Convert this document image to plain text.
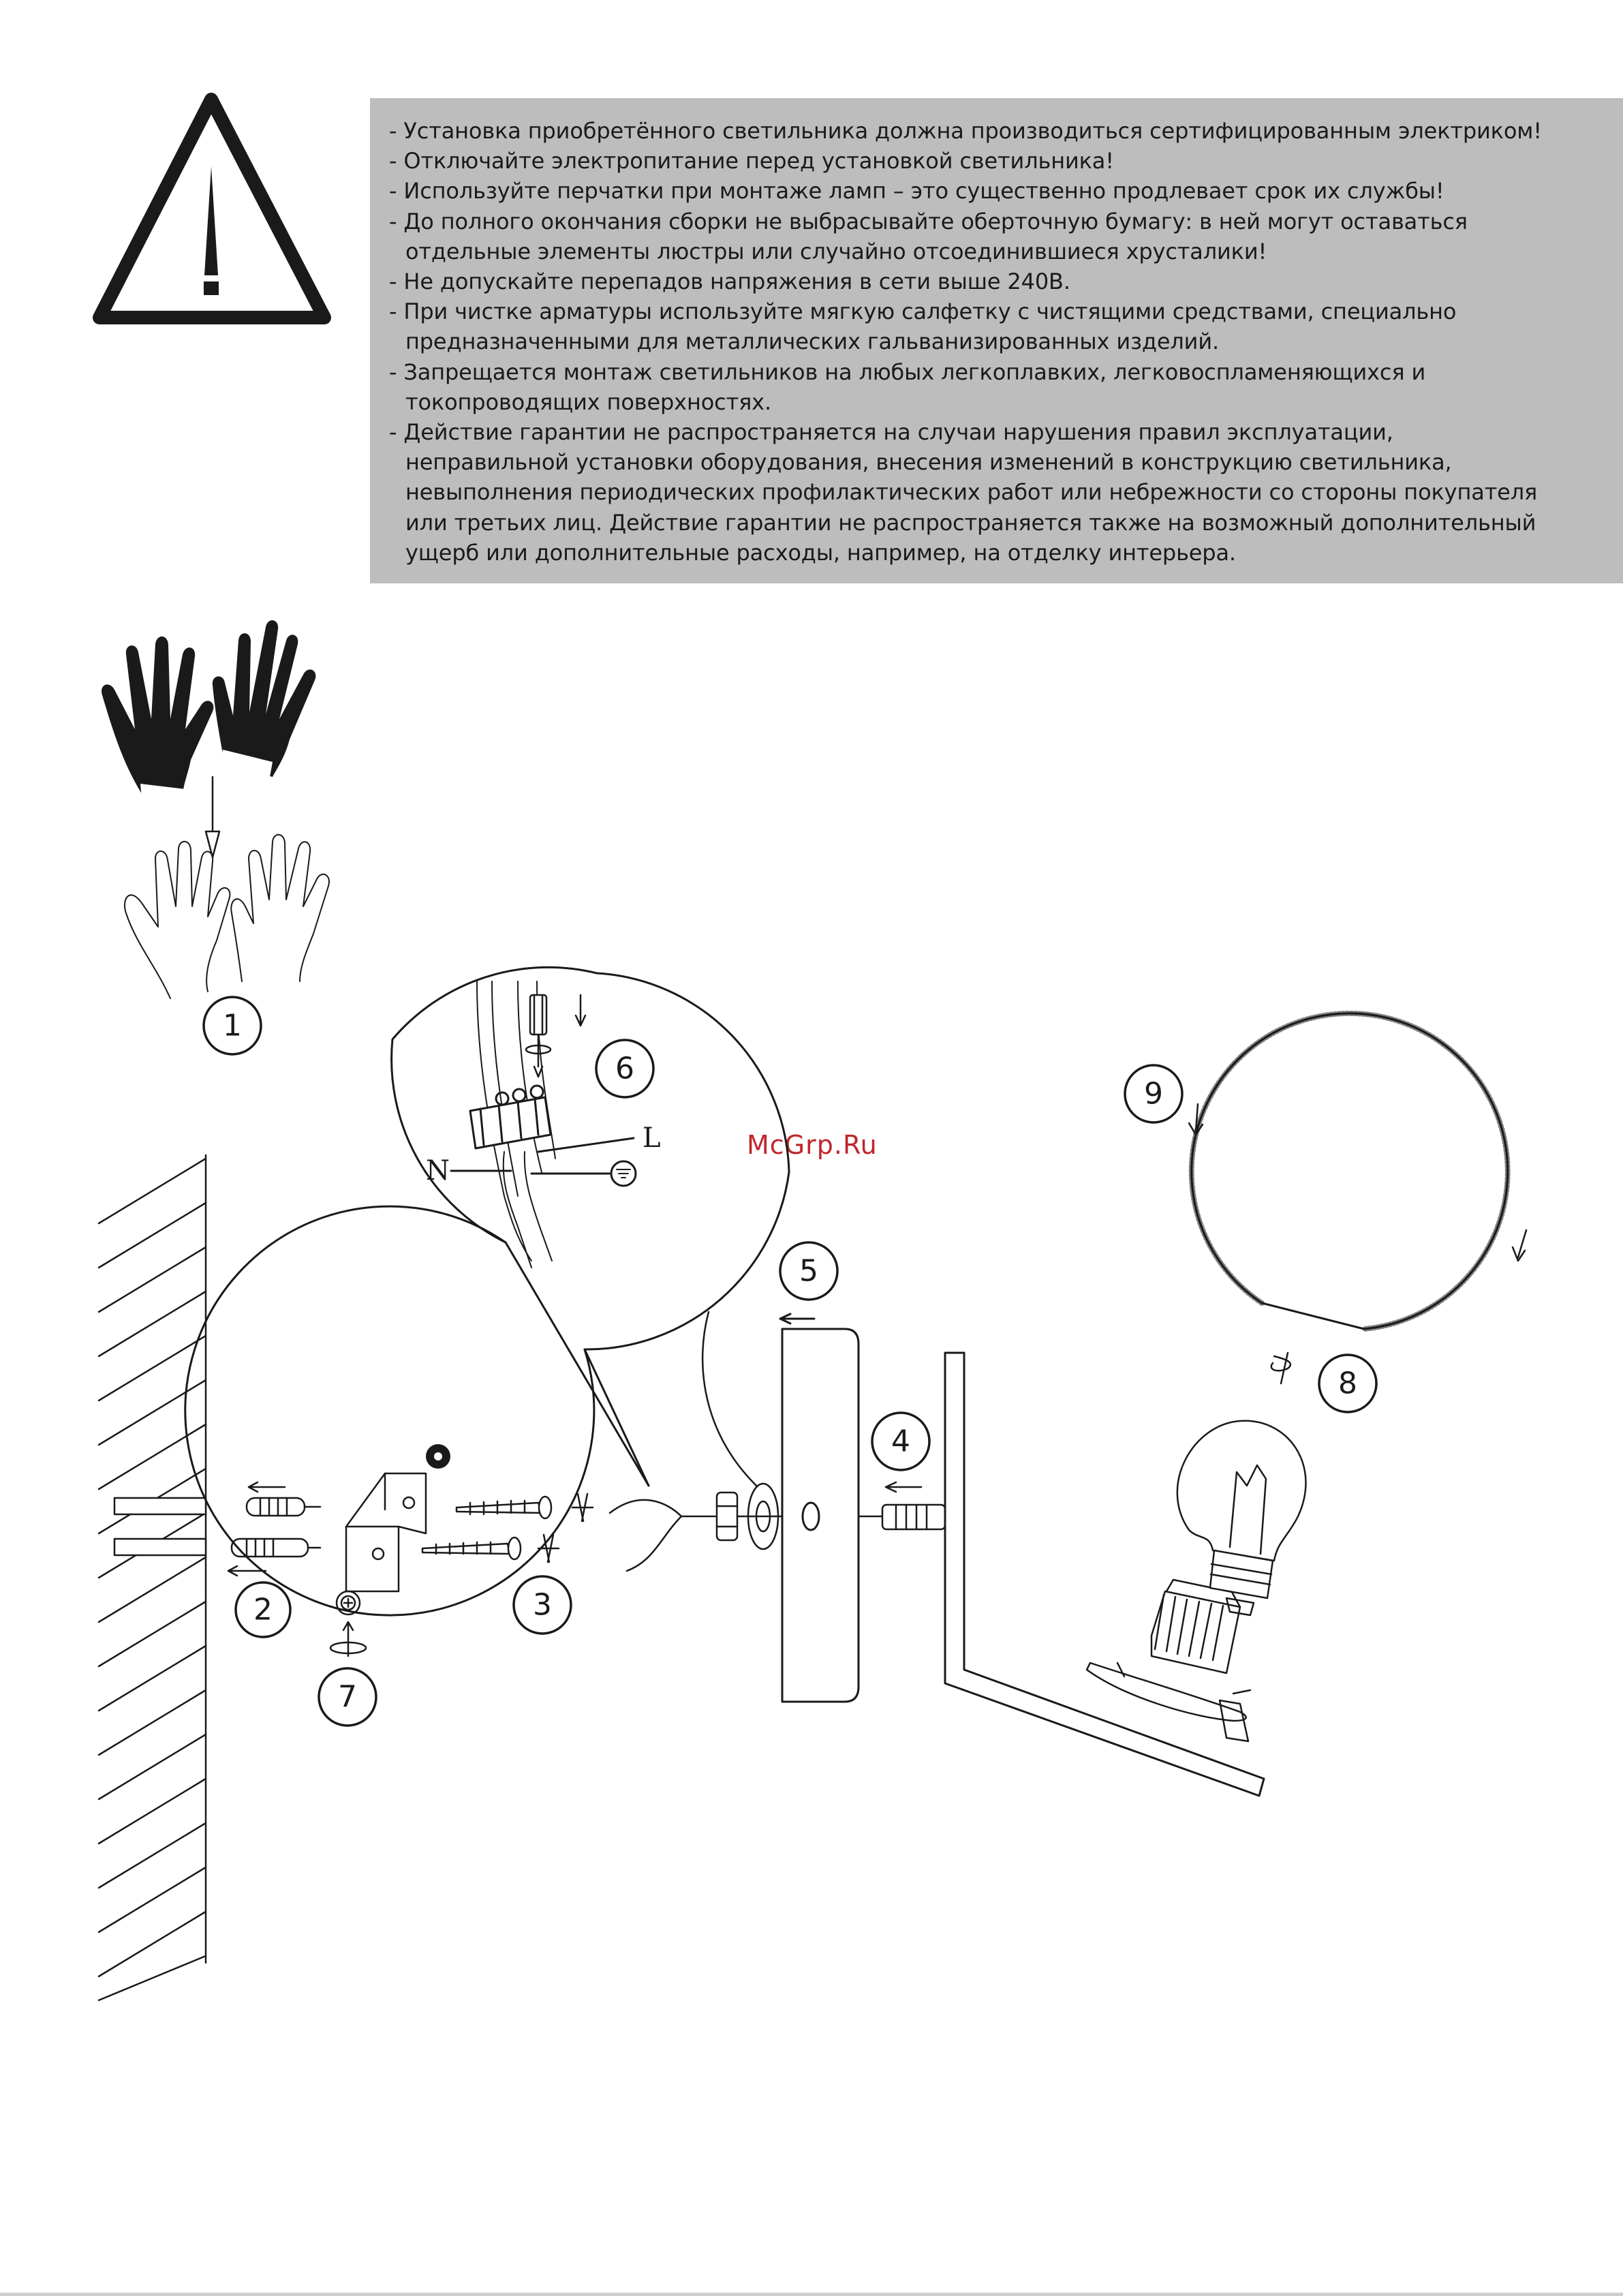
- Установка приобретённого светильника должна производиться сертифицированным электриком!
- Отключайте электропитание перед установкой светильника!
- Используйте перчатки при монтаже ламп – это существенно продлевает срок их службы!
- До полного окончания сборки не выбрасывайте оберточную бумагу: в ней могут оставаться
отдельные элементы люстры или случайно отсоединившиеся хрусталики!
- Не допускайте перепадов напряжения в сети выше 240В.
- При чистке арматуры используйте мягкую салфетку с чистящими средствами, специально
предназначенными для металлических гальванизированных изделий.
- Запрещается монтаж светильников на любых легкоплавких, легковоспламеняющихся и
токопроводящих поверхностях.
- Действие гарантии не распространяется на случаи нарушения правил эксплуатации,
неправильной установки оборудования, внесения изменений в конструкцию светильника,
невыполнения периодических профилактических работ или небрежности со стороны покупателя
или третьих лиц. Действие гарантии не распространяется также на возможный дополнительный
ущерб или дополнительные расходы, например, на отделку интерьера.
McGrp.Ru
1
2
7
3
N
L
6
5
4
8
9
